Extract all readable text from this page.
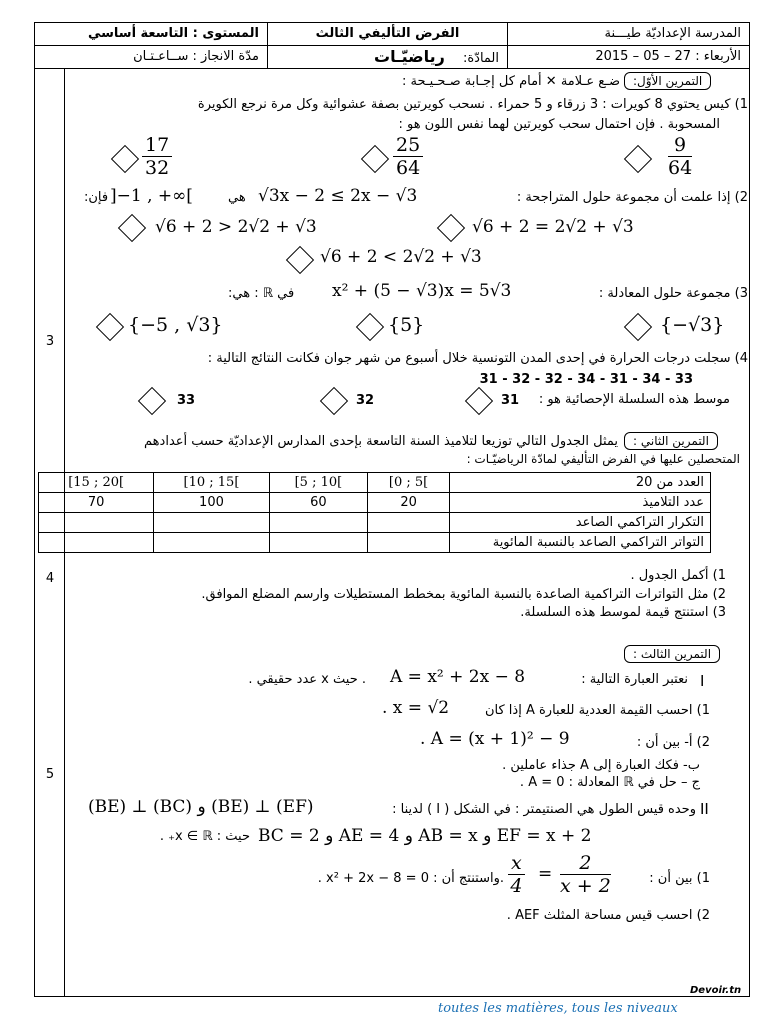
المستوى : التاسعة أساسي
مدّة الانجاز : ســاعـتـان
الفرض التأليفي الثالث
المادّة: رياضيّـات
المدرسة الإعداديّة طيـــنة
الأربعاء : 27 – 05 – 2015
3
4
5
التمرين الأوّل:
ضـع عـلامة ✕ أمام كل إجـابة صـحـيـحة :
1) كيس يحتوي 8 كويرات : 3 زرقاء و 5 حمراء . نسحب كويرتين بصفة عشوائية وكل مرة نرجع الكويرة
المسحوبة . فإن احتمال سحب كويرتين لهما نفس اللون هو :
$\frac{17}{32}$	$\frac{25}{64}$	$\frac{9}{64}$
2) إذا علمت أن مجموعة حلول المتراجحة :
√3x − 2 ≤ 2x − √3
هي
]−1 , +∞[
فإن:
√6 + 2 > 2√2 + √3	√6 + 2 = 2√2 + √3
√6 + 2 < 2√2 + √3
3) مجموعة حلول المعادلة :
x² + (5 − √3)x = 5√3
في ℝ : هي:
{−5 , √3}	{5}	{−√3}
4) سجلت درجات الحرارة في إحدى المدن التونسية خلال أسبوع من شهر جوان فكانت النتائج التالية :
33 - 34 - 31 - 34 - 32 - 32 - 31
موسط هذه السلسلة الإحصائية هو :
33	32	31
التمرين الثاني :
يمثل الجدول التالي توزيعا لتلاميذ السنة التاسعة بإحدى المدارس الإعداديّة حسب أعدادهم
المتحصلين عليها في الفرض التأليفي لمادّة الرياضيّـات :
[15 ; 20[	[10 ; 15[	[5 ; 10[	[0 ; 5[	العدد من 20
70	100	60	20	عدد التلاميذ
				التكرار التراكمي الصاعد
				التواتر التراكمي الصاعد بالنسبة المائوية
1) أكمل الجدول .
2) مثل التواترات التراكمية الصاعدة بالنسبة المائوية بمخطط المستطيلات وارسم المضلع الموافق.
3) استنتج قيمة لموسط هذه السلسلة.
التمرين الثالث :
I
نعتبر العبارة التالية :
A = x² + 2x − 8
. حيث x عدد حقيقي .
1) احسب القيمة العددية للعبارة A إذا كان
. x = √2
2) أ- بين أن :
. A = (x + 1)² − 9
ب- فكك العبارة إلى A جذاء عاملين .
ج – حل في ℝ المعادلة : A = 0 .
II
وحده قيس الطول هي الصنتيمتر : في الشكل ( I ) لدينا :
(BE) ⊥ (BC) و (BE) ⊥ (EF)
BC = 2 و AE = 4 و AB = x و EF = x + 2
حيث : x ∈ ℝ₊ .
1) بين أن :
$\frac{2}{x + 2}$
=
$\frac{x}{4}$
.واستنتج أن : 0 = 8 − x² + 2x .
2) احسب قيس مساحة المثلث AEF .
Devoir.tn
toutes les matières, tous les niveaux
